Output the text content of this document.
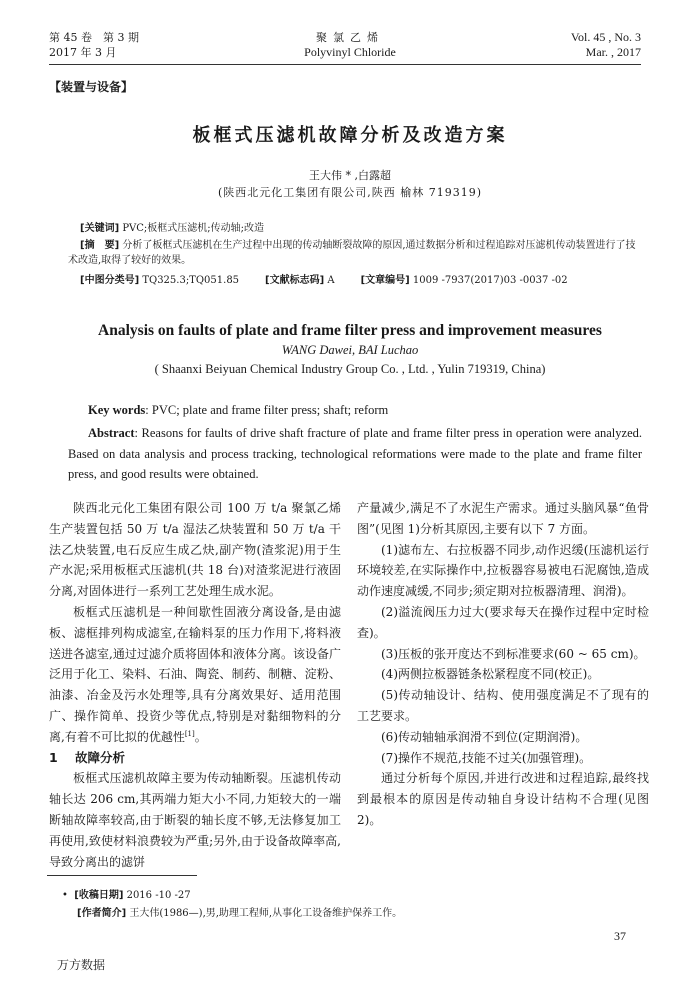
第 45 卷　第 3 期
2017 年 3 月
聚氯乙烯
Polyvinyl Chloride
Vol. 45 , No. 3
Mar. , 2017
【装置与设备】
板框式压滤机故障分析及改造方案
王大伟 * ,白露超
(陕西北元化工集团有限公司,陕西 榆林 719319)
[关键词] PVC;板框式压滤机;传动轴;改造
[摘　要] 分析了板框式压滤机在生产过程中出现的传动轴断裂故障的原因,通过数据分析和过程追踪对压滤机传动装置进行了技术改造,取得了较好的效果。
[中图分类号] TQ325.3;TQ051.85	[文献标志码] A	[文章编号] 1009 -7937(2017)03 -0037 -02
Analysis on faults of plate and frame filter press and improvement measures
WANG Dawei, BAI Luchao
( Shaanxi Beiyuan Chemical Industry Group Co. , Ltd. , Yulin 719319, China)
Key words: PVC; plate and frame filter press; shaft; reform
Abstract: Reasons for faults of drive shaft fracture of plate and frame filter press in operation were analyzed. Based on data analysis and process tracking, technological reformations were made to the plate and frame filter press, and good results were obtained.

陕西北元化工集团有限公司 100 万 t/a 聚氯乙烯生产装置包括 50 万 t/a 湿法乙炔装置和 50 万 t/a 干法乙炔装置,电石反应生成乙炔,副产物(渣浆泥)用于生产水泥;采用板框式压滤机(共 18 台)对渣浆泥进行液固分离,对固体进行一系列工艺处理生成水泥。

板框式压滤机是一种间歇性固液分离设备,是由滤板、滤框排列构成滤室,在输料泵的压力作用下,将料液送进各滤室,通过过滤介质将固体和液体分离。该设备广泛用于化工、染料、石油、陶瓷、制药、制糖、淀粉、油漆、冶金及污水处理等,具有分离效果好、适用范围广、操作简单、投资少等优点,特别是对黏细物料的分离,有着不可比拟的优越性[1]。

1 故障分析

板框式压滤机故障主要为传动轴断裂。压滤机传动轴长达 206 cm,其两端力矩大小不同,力矩较大的一端断轴故障率较高,由于断裂的轴长度不够,无法修复加工再使用,致使材料浪费较为严重;另外,由于设备故障率高,导致分离出的滤饼

产量减少,满足不了水泥生产需求。通过头脑风暴“鱼骨图”(见图 1)分析其原因,主要有以下 7 方面。

(1)滤布左、右拉板器不同步,动作迟缓(压滤机运行环境较差,在实际操作中,拉板器容易被电石泥腐蚀,造成动作速度减缓,不同步;须定期对拉板器清理、润滑)。

(2)溢流阀压力过大(要求每天在操作过程中定时检查)。

(3)压板的张开度达不到标准要求(60 ~ 65 cm)。

(4)两侧拉板器链条松紧程度不同(校正)。

(5)传动轴设计、结构、使用强度满足不了现有的工艺要求。

(6)传动轴轴承润滑不到位(定期润滑)。

(7)操作不规范,技能不过关(加强管理)。

通过分析每个原因,并进行改进和过程追踪,最终找到最根本的原因是传动轴自身设计结构不合理(见图 2)。

• [收稿日期] 2016 -10 -27
[作者简介] 王大伟(1986—),男,助理工程师,从事化工设备维护保养工作。
37
万方数据
